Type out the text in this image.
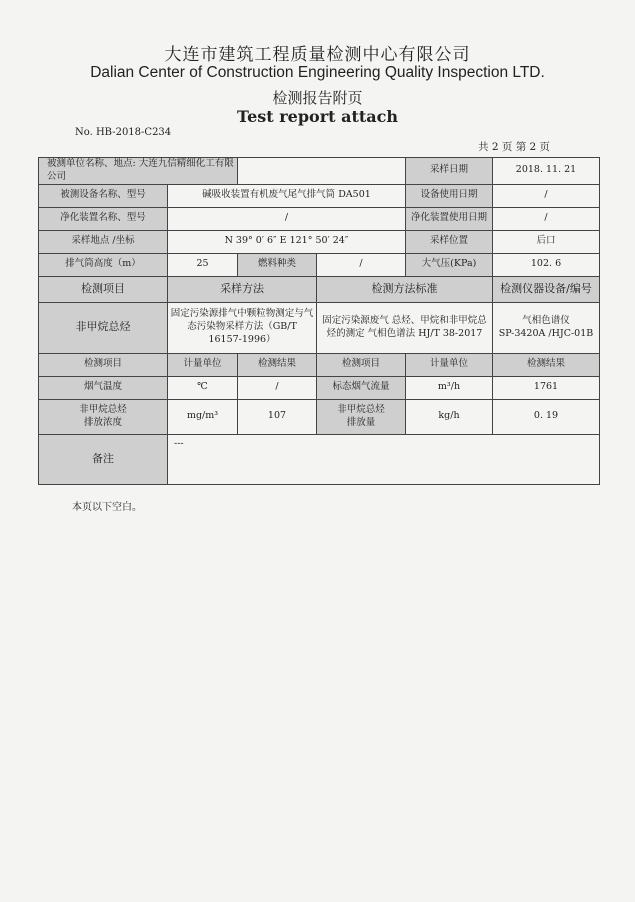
大连市建筑工程质量检测中心有限公司
Dalian Center of Construction Engineering Quality Inspection LTD.
检测报告附页
Test report attach
No. HB-2018-C234
共 2 页 第 2 页
被测单位名称、地点: 大连九信精细化工有限公司				采样日期	2018. 11. 21
被测设备名称、型号	碱吸收装置有机废气尾气排气筒 DA501			设备使用日期	/
净化装置名称、型号	/			净化装置使用日期	/
采样地点 /坐标	N 39° 0′ 6″ E 121° 50′ 24″			采样位置	后口
排气筒高度（m）	25	燃料种类	/	大气压(KPa)	102. 6
检测项目	采样方法		检测方法标准		检测仪器设备/编号
非甲烷总烃	固定污染源排气中颗粒物测定与气态污染物采样方法（GB/T 16157-1996）		固定污染源废气 总烃、甲烷和非甲烷总烃的测定 气相色谱法 HJ/T 38-2017		气相色谱仪
SP-3420A /HJC-01B

检测项目	计量单位	检测结果	检测项目	计量单位	检测结果
烟气温度	℃	/	标态烟气流量	m³/h	1761
非甲烷总烃排放浓度	mg/m³	107	非甲烷总烃排放量	kg/h	0. 19
备注	---				
本页以下空白。
